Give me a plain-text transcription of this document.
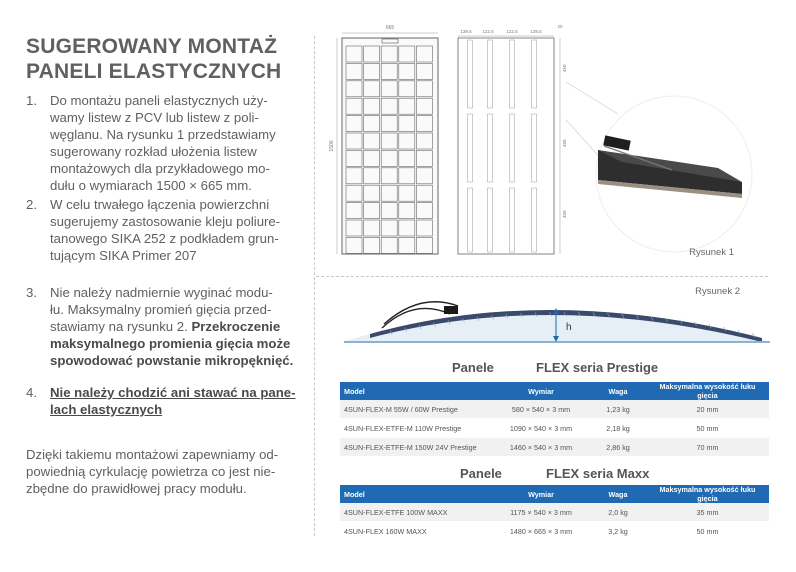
SUGEROWANY MONTAŻ
PANELI ELASTYCZNYCH
1. Do montażu paneli elastycznych uży-
wamy listew z PCV lub listew z poli-
węglanu. Na rysunku 1 przedstawiamy
sugerowany rozkład ułożenia listew
montażowych dla przykładowego mo-
dułu o wymiarach 1500 × 665 mm.
2. W celu trwałego łączenia powierzchni
sugerujemy zastosowanie kleju poliure-
tanowego SIKA 252 z podkładem grun-
tującym SIKA Primer 207
3. Nie należy nadmiernie wyginać modu-
łu. Maksymalny promień gięcia przed-
stawiamy na rysunku 2. Przekroczenie
maksymalnego promienia gięcia może
spowodować powstanie mikropęknięć.
4. Nie należy chodzić ani stawać na pane-
lach elastycznych
Dzięki takiemu montażowi zapewniamy od-
powiednią cyrkulację powietrza co jest nie-
zbędne do prawidłowej pracy modułu.
665
1500
139,5 122,5	122,5	139,5
20
450
450
450
Rysunek 1
Rysunek 2
h
Panele	FLEX seria Prestige
Model	Wymiar	Waga	Maksymalna wysokość łuku gięcia
4SUN-FLEX-M 55W / 60W Prestige	580 × 540 × 3 mm	1,23 kg	20 mm
4SUN-FLEX-ETFE-M 110W Prestige	1090 × 540 × 3 mm	2,18 kg	50 mm
4SUN-FLEX-ETFE-M 150W 24V Prestige	1460 × 540 × 3 mm	2,86 kg	70 mm
Panele	FLEX seria Maxx
Model	Wymiar	Waga	Maksymalna wysokość łuku gięcia
4SUN-FLEX-ETFE 100W MAXX	1175 × 540 × 3 mm	2,0 kg	35 mm
4SUN-FLEX 160W MAXX	1480 × 665 × 3 mm	3,2 kg	50 mm
